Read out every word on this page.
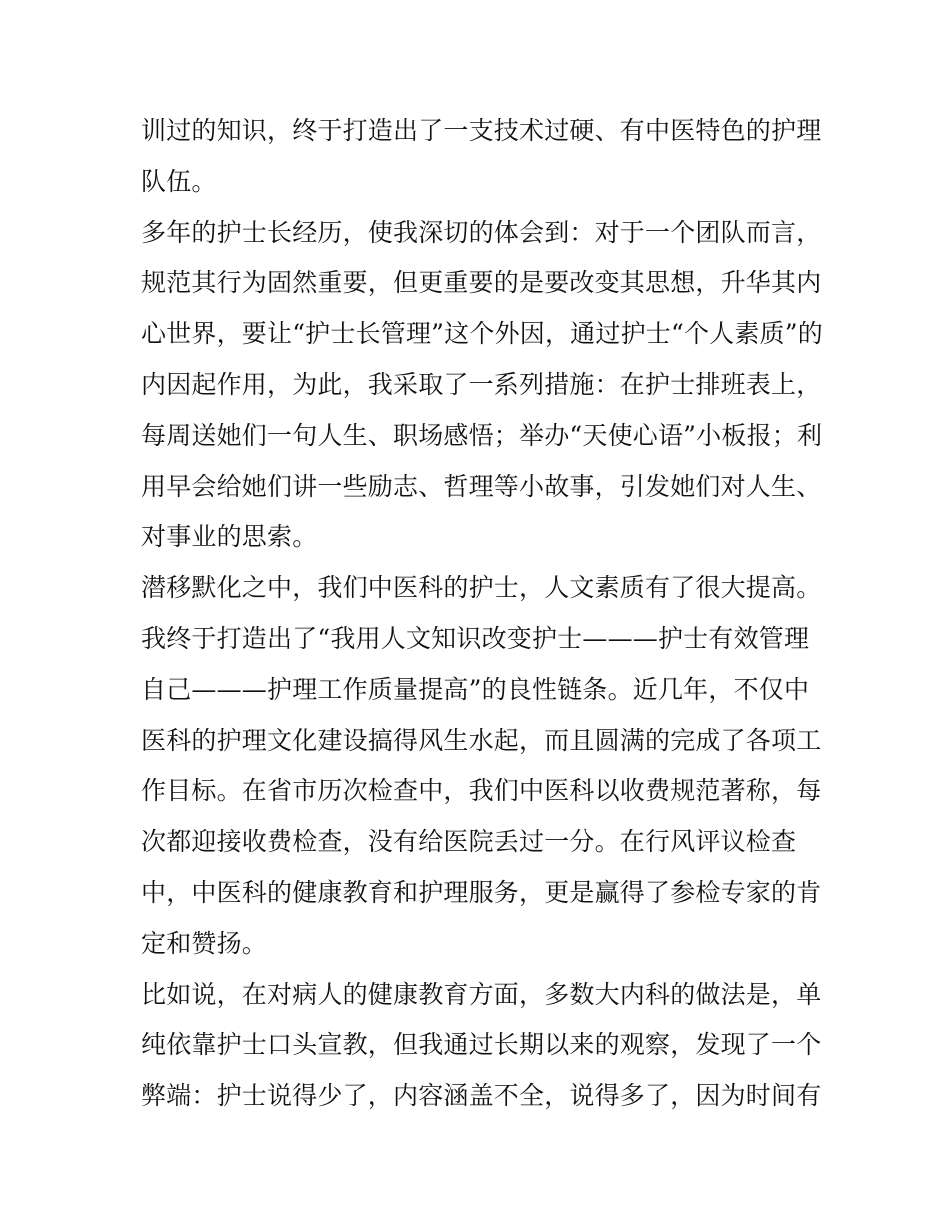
训过的知识，终于打造出了一支技术过硬、有中医特色的护理
队伍。
多年的护士长经历，使我深切的体会到：对于一个团队而言，
规范其行为固然重要，但更重要的是要改变其思想，升华其内
心世界，要让“护士长管理”这个外因，通过护士“个人素质”的
内因起作用，为此，我采取了一系列措施：在护士排班表上，
每周送她们一句人生、职场感悟；举办“天使心语”小板报；利
用早会给她们讲一些励志、哲理等小故事，引发她们对人生、
对事业的思索。
潜移默化之中，我们中医科的护士，人文素质有了很大提高。
我终于打造出了“我用人文知识改变护士———护士有效管理
自己———护理工作质量提高”的良性链条。近几年，不仅中
医科的护理文化建设搞得风生水起，而且圆满的完成了各项工
作目标。在省市历次检查中，我们中医科以收费规范著称，每
次都迎接收费检查，没有给医院丢过一分。在行风评议检查
中，中医科的健康教育和护理服务，更是赢得了参检专家的肯
定和赞扬。
比如说，在对病人的健康教育方面，多数大内科的做法是，单
纯依靠护士口头宣教，但我通过长期以来的观察，发现了一个
弊端：护士说得少了，内容涵盖不全，说得多了，因为时间有
